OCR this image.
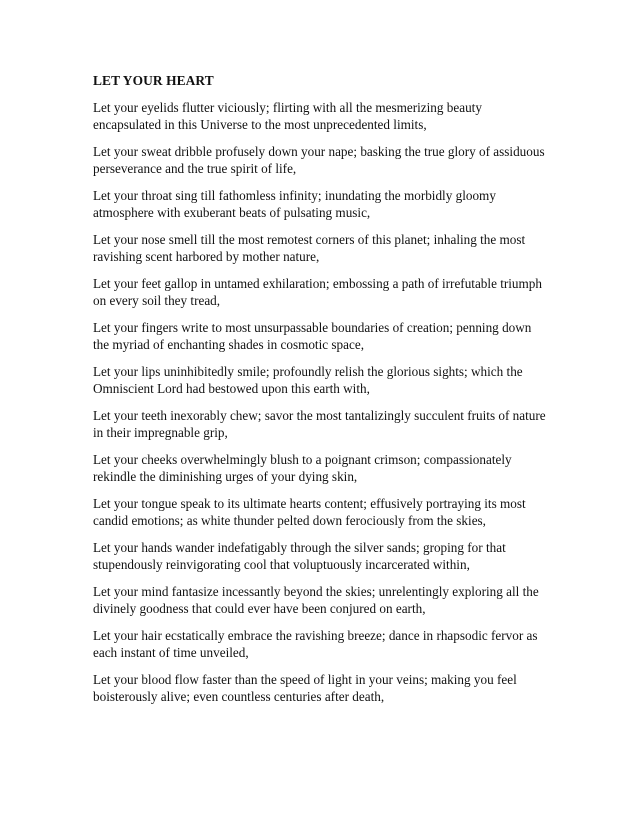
LET YOUR HEART

Let your eyelids flutter viciously; flirting with all the mesmerizing beauty encapsulated in this Universe to the most unprecedented limits,

Let your sweat dribble profusely down your nape; basking the true glory of assiduous perseverance and the true spirit of life,

Let your throat sing till fathomless infinity; inundating the morbidly gloomy atmosphere with exuberant beats of pulsating music,

Let your nose smell till the most remotest corners of this planet; inhaling the most ravishing scent harbored by mother nature,

Let your feet gallop in untamed exhilaration; embossing a path of irrefutable triumph on every soil they tread,

Let your fingers write to most unsurpassable boundaries of creation; penning down the myriad of enchanting shades in cosmotic space,

Let your lips uninhibitedly smile; profoundly relish the glorious sights; which the Omniscient Lord had bestowed upon this earth with,

Let your teeth inexorably chew; savor the most tantalizingly succulent fruits of nature in their impregnable grip,

Let your cheeks overwhelmingly blush to a poignant crimson; compassionately rekindle the diminishing urges of your dying skin,

Let your tongue speak to its ultimate hearts content; effusively portraying its most candid emotions; as white thunder pelted down ferociously from the skies,

Let your hands wander indefatigably through the silver sands; groping for that stupendously reinvigorating cool that voluptuously incarcerated within,

Let your mind fantasize incessantly beyond the skies; unrelentingly exploring all the divinely goodness that could ever have been conjured on earth,

Let your hair ecstatically embrace the ravishing breeze; dance in rhapsodic fervor as each instant of time unveiled,

Let your blood flow faster than the speed of light in your veins; making you feel boisterously alive; even countless centuries after death,
